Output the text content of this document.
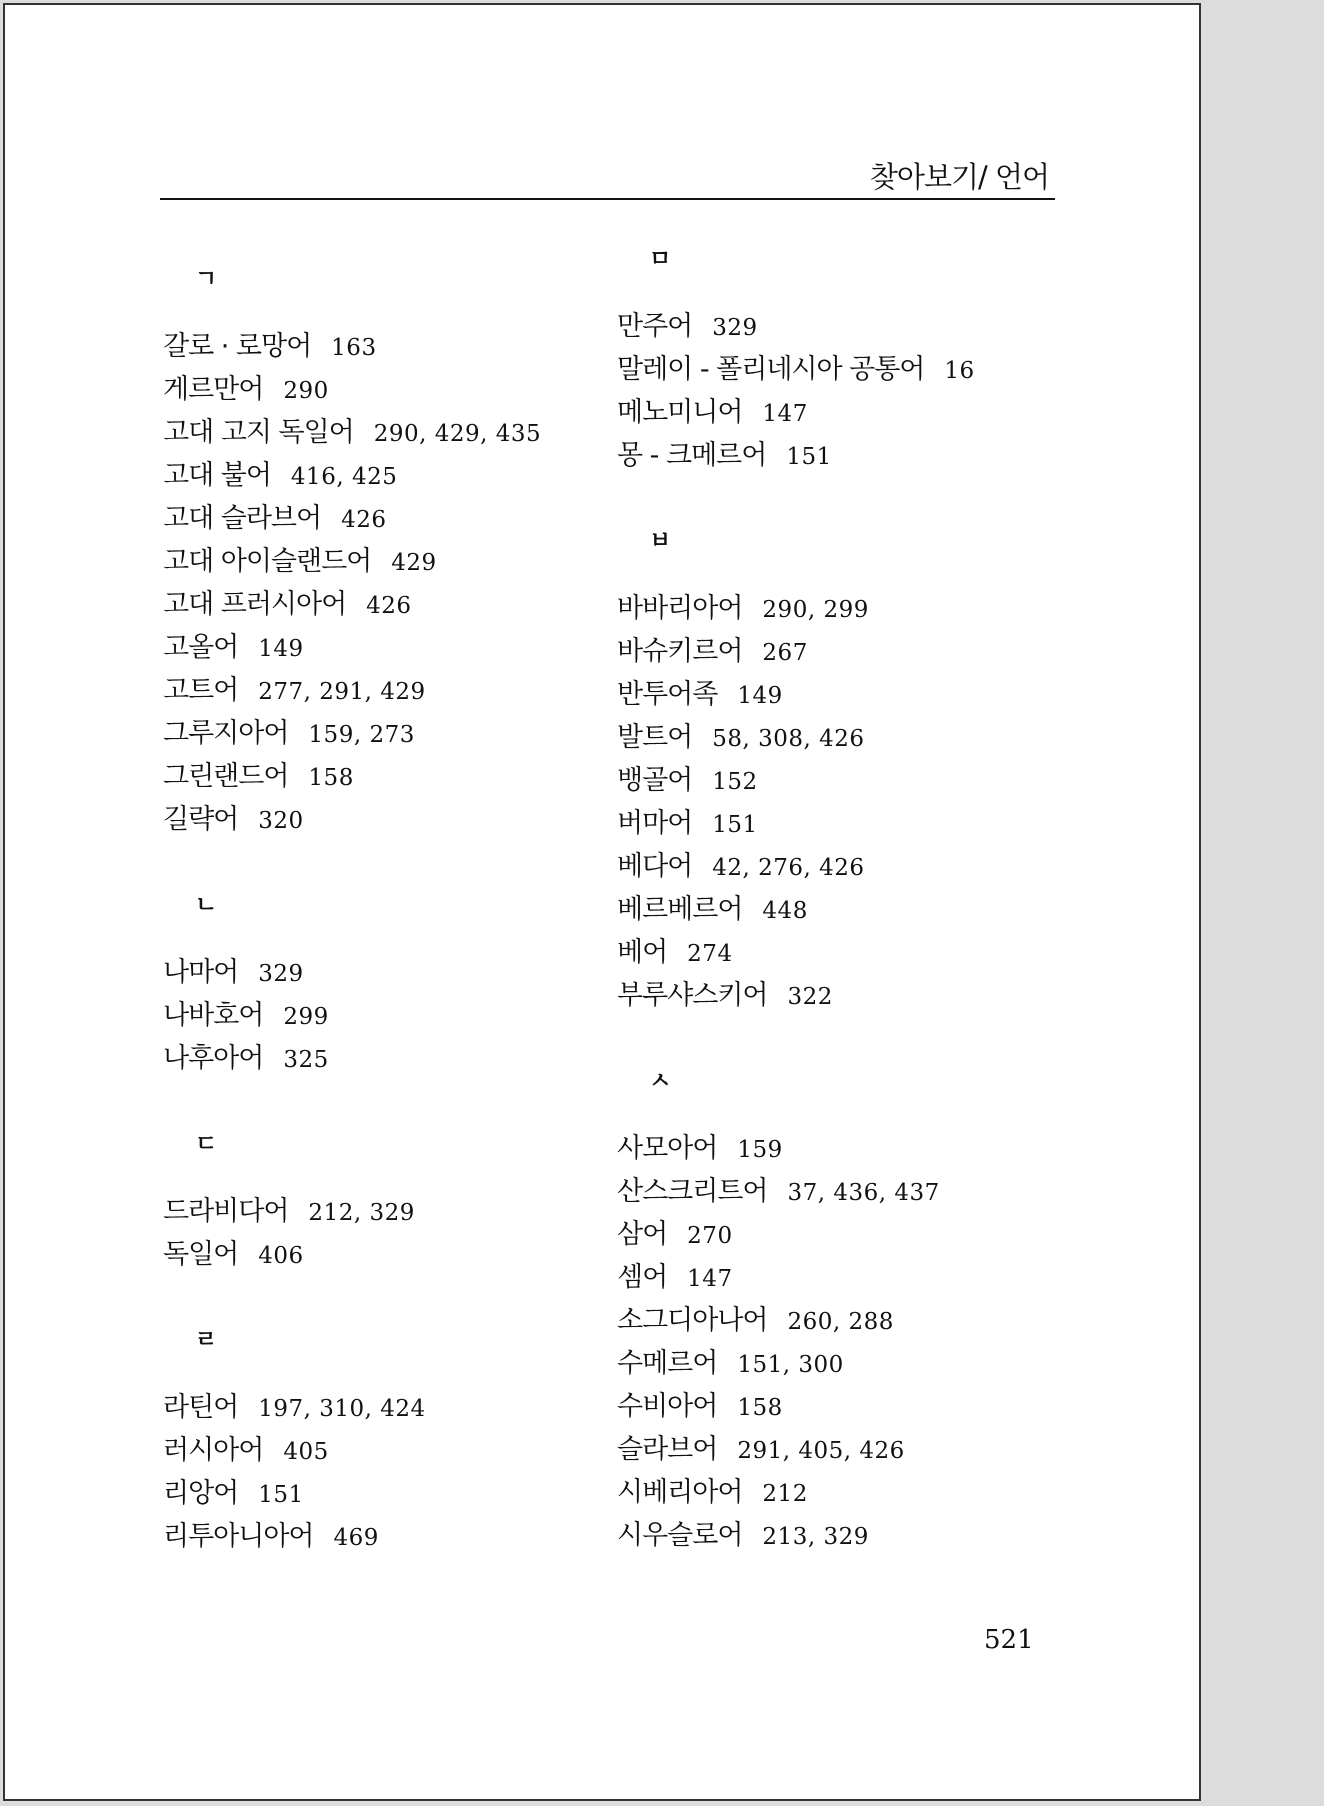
찾아보기/ 언어
ㄱ
갈로 · 로망어 163
게르만어 290
고대 고지 독일어 290, 429, 435
고대 불어 416, 425
고대 슬라브어 426
고대 아이슬랜드어 429
고대 프러시아어 426
고올어 149
고트어 277, 291, 429
그루지아어 159, 273
그린랜드어 158
길략어 320
ㄴ
나마어 329
나바호어 299
나후아어 325
ㄷ
드라비다어 212, 329
독일어 406
ㄹ
라틴어 197, 310, 424
러시아어 405
리앙어 151
리투아니아어 469
ㅁ
만주어 329
말레이 - 폴리네시아 공통어 16
메노미니어 147
몽 - 크메르어 151
ㅂ
바바리아어 290, 299
바슈키르어 267
반투어족 149
발트어 58, 308, 426
뱅골어 152
버마어 151
베다어 42, 276, 426
베르베르어 448
베어 274
부루샤스키어 322
ㅅ
사모아어 159
산스크리트어 37, 436, 437
삼어 270
셈어 147
소그디아나어 260, 288
수메르어 151, 300
수비아어 158
슬라브어 291, 405, 426
시베리아어 212
시우슬로어 213, 329
521
